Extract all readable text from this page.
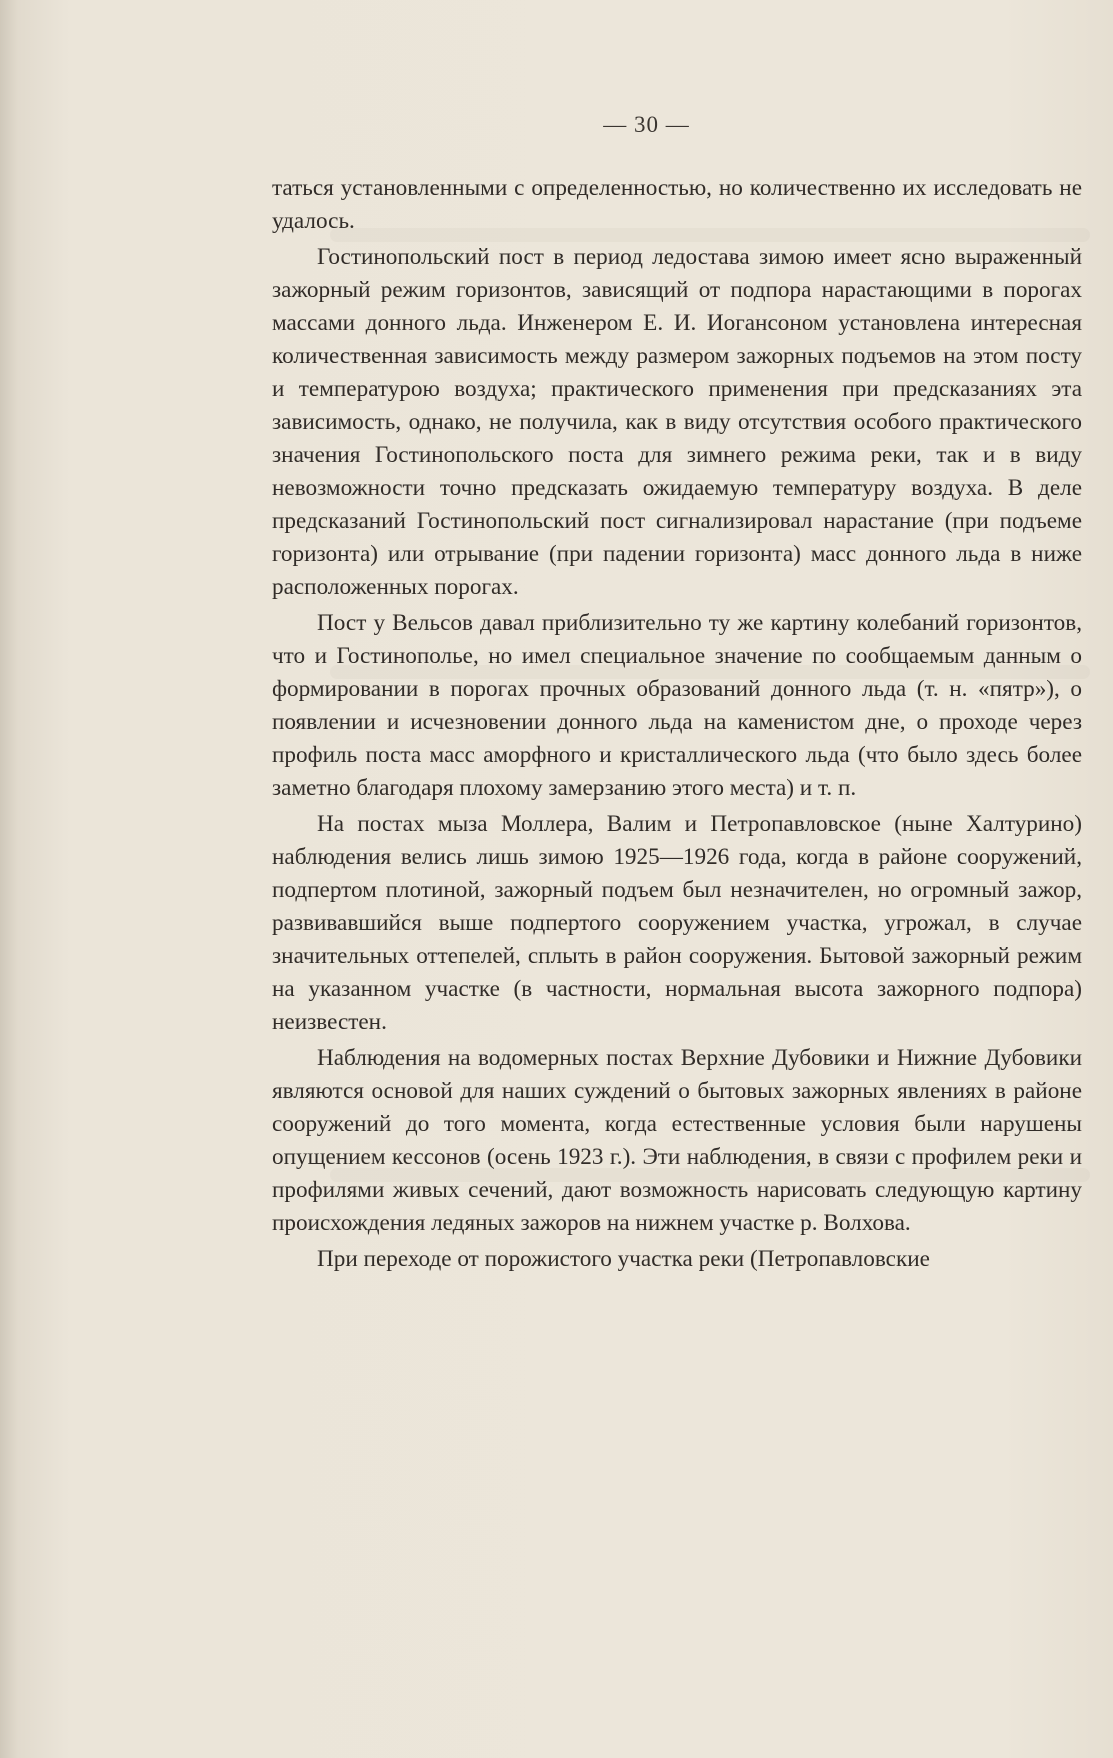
— 30 —

таться установленными с определенностью, но количественно их исследовать не удалось.

Гостинопольский пост в период ледостава зимою имеет ясно выраженный зажорный режим горизонтов, зависящий от подпора нарастающими в порогах массами донного льда. Инженером Е. И. Иогансоном установлена интересная количественная зависимость между размером зажорных подъемов на этом посту и температурою воздуха; практического применения при предсказаниях эта зависимость, однако, не получила, как в виду отсутствия особого практического значения Гостинопольского поста для зимнего режима реки, так и в виду невозможности точно предсказать ожидаемую температуру воздуха. В деле предсказаний Гостинопольский пост сигнализировал нарастание (при подъеме горизонта) или отрывание (при падении горизонта) масс донного льда в ниже расположенных порогах.

Пост у Вельсов давал приблизительно ту же картину колебаний горизонтов, что и Гостинополье, но имел специальное значение по сообщаемым данным о формировании в порогах прочных образований донного льда (т. н. «пятр»), о появлении и исчезновении донного льда на каменистом дне, о проходе через профиль поста масс аморфного и кристаллического льда (что было здесь более заметно благодаря плохому замерзанию этого места) и т. п.

На постах мыза Моллера, Валим и Петропавловское (ныне Халтурино) наблюдения велись лишь зимою 1925—1926 года, когда в районе сооружений, подпертом плотиной, зажорный подъем был незначителен, но огромный зажор, развивавшийся выше подпертого сооружением участка, угрожал, в случае значительных оттепелей, сплыть в район сооружения. Бытовой зажорный режим на указанном участке (в частности, нормальная высота зажорного подпора) неизвестен.

Наблюдения на водомерных постах Верхние Дубовики и Нижние Дубовики являются основой для наших суждений о бытовых зажорных явлениях в районе сооружений до того момента, когда естественные условия были нарушены опущением кессонов (осень 1923 г.). Эти наблюдения, в связи с профилем реки и профилями живых сечений, дают возможность нарисовать следующую картину происхождения ледяных зажоров на нижнем участке р. Волхова.

При переходе от порожистого участка реки (Петропавловские
